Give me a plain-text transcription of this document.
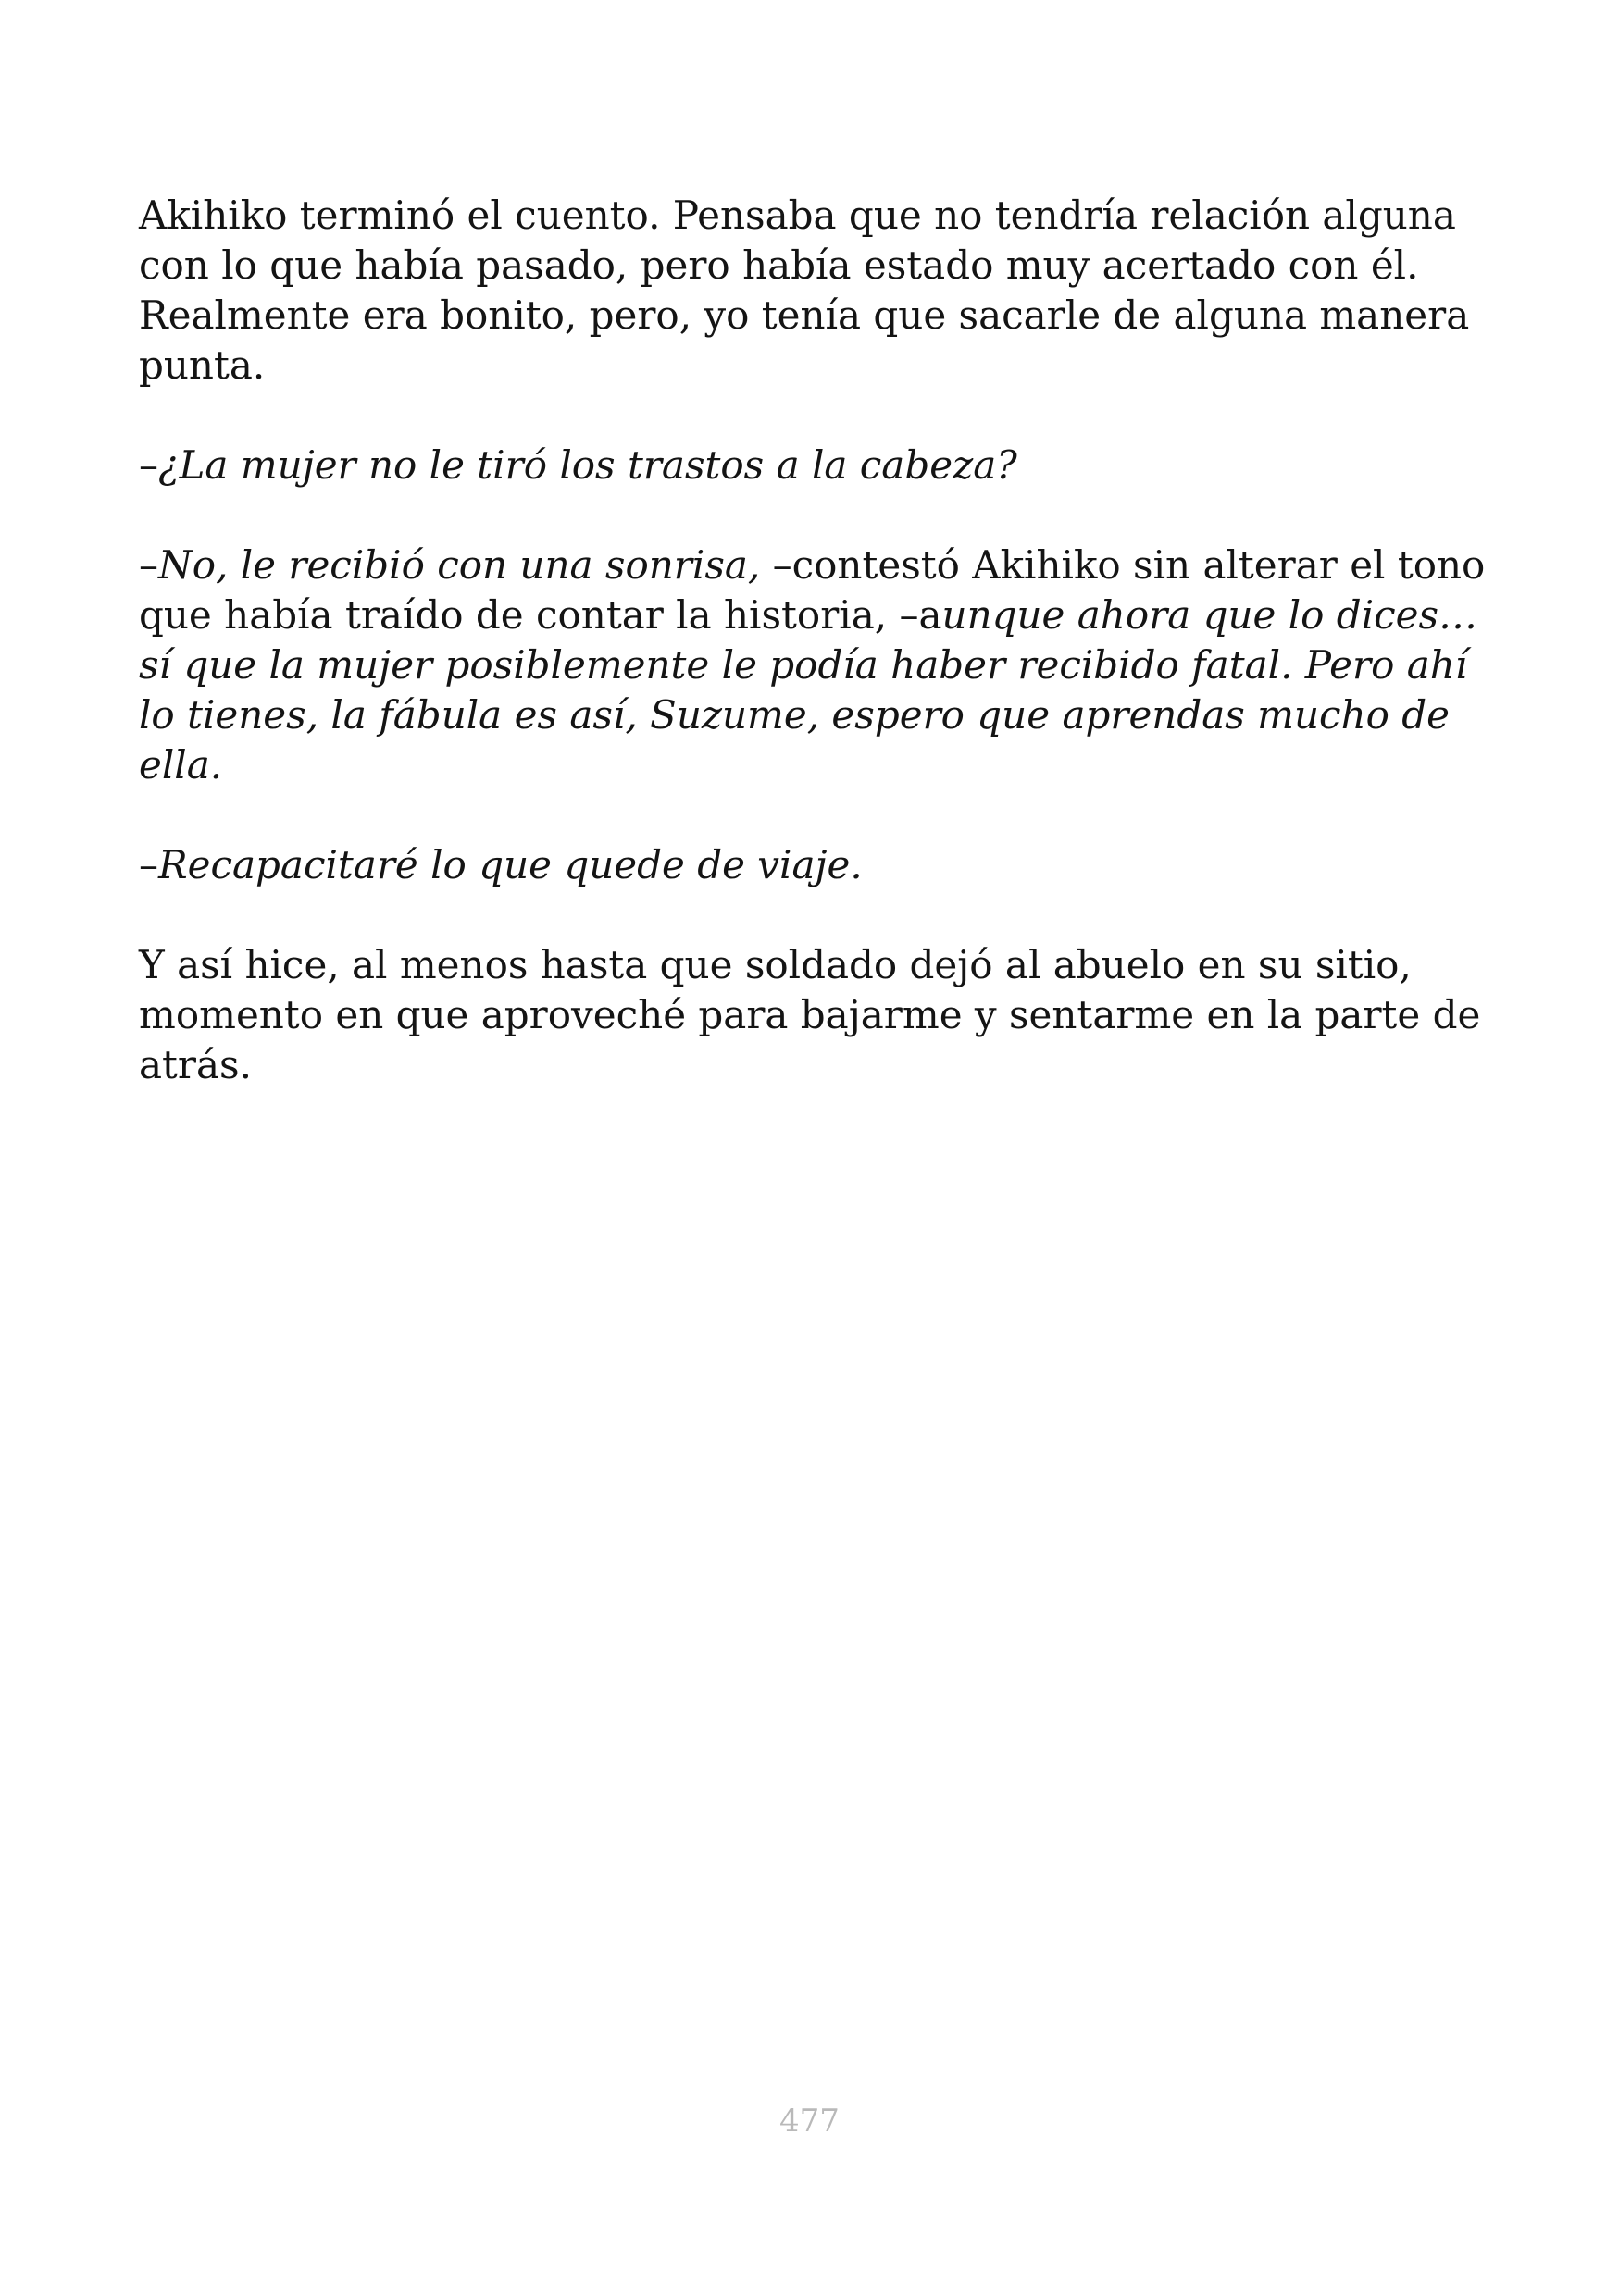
Akihiko terminó el cuento. Pensaba que no tendría relación alguna con lo que había pasado, pero había estado muy acertado con él. Realmente era bonito, pero, yo tenía que sacarle de alguna manera punta.

–¿La mujer no le tiró los trastos a la cabeza?

–No, le recibió con una sonrisa, –contestó Akihiko sin alterar el tono que había traído de contar la historia, –aunque ahora que lo dices… sí que la mujer posiblemente le podía haber recibido fatal. Pero ahí lo tienes, la fábula es así, Suzume, espero que aprendas mucho de ella.

–Recapacitaré lo que quede de viaje.

Y así hice, al menos hasta que soldado dejó al abuelo en su sitio, momento en que aproveché para bajarme y sentarme en la parte de atrás.

477
